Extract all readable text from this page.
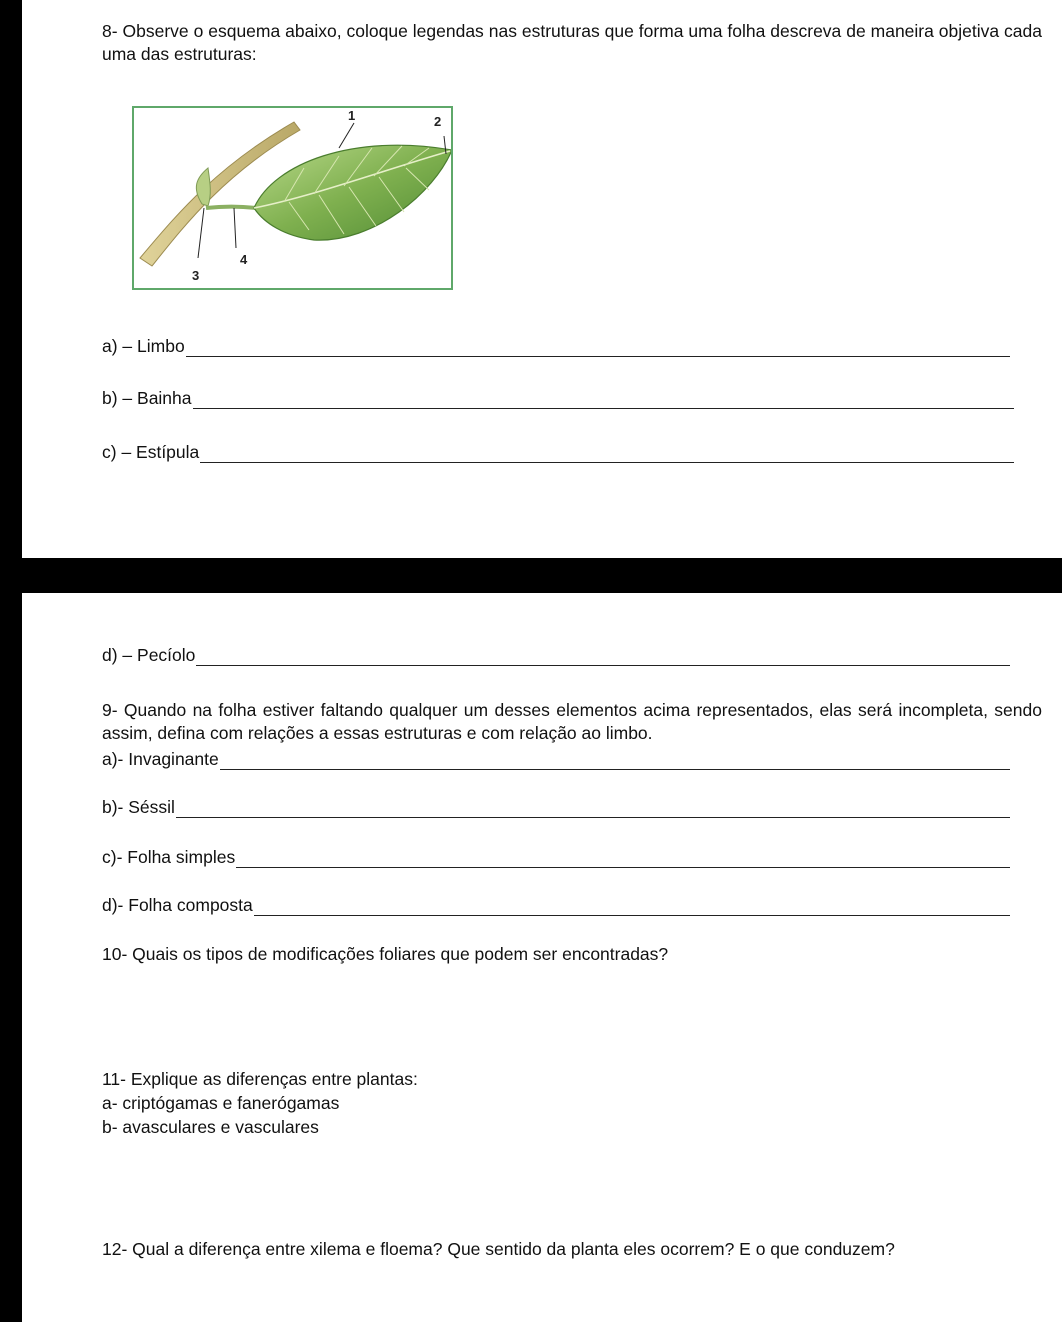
8- Observe o esquema abaixo, coloque legendas nas estruturas que forma uma folha descreva de maneira objetiva cada uma das estruturas:
1	2
3
4
a) – Limbo
b) – Bainha
c) – Estípula
d) – Pecíolo
9- Quando na folha estiver faltando qualquer um desses elementos acima representados, elas será incompleta, sendo assim, defina com relações a essas estruturas e com relação ao limbo.
a)- Invaginante
b)- Séssil
c)- Folha simples
d)- Folha composta
10- Quais os tipos de modificações foliares que podem ser encontradas?
11- Explique as diferenças entre plantas:
a- criptógamas e fanerógamas
b- avasculares e vasculares
12- Qual a diferença entre xilema e floema? Que sentido da planta eles ocorrem? E o que conduzem?
